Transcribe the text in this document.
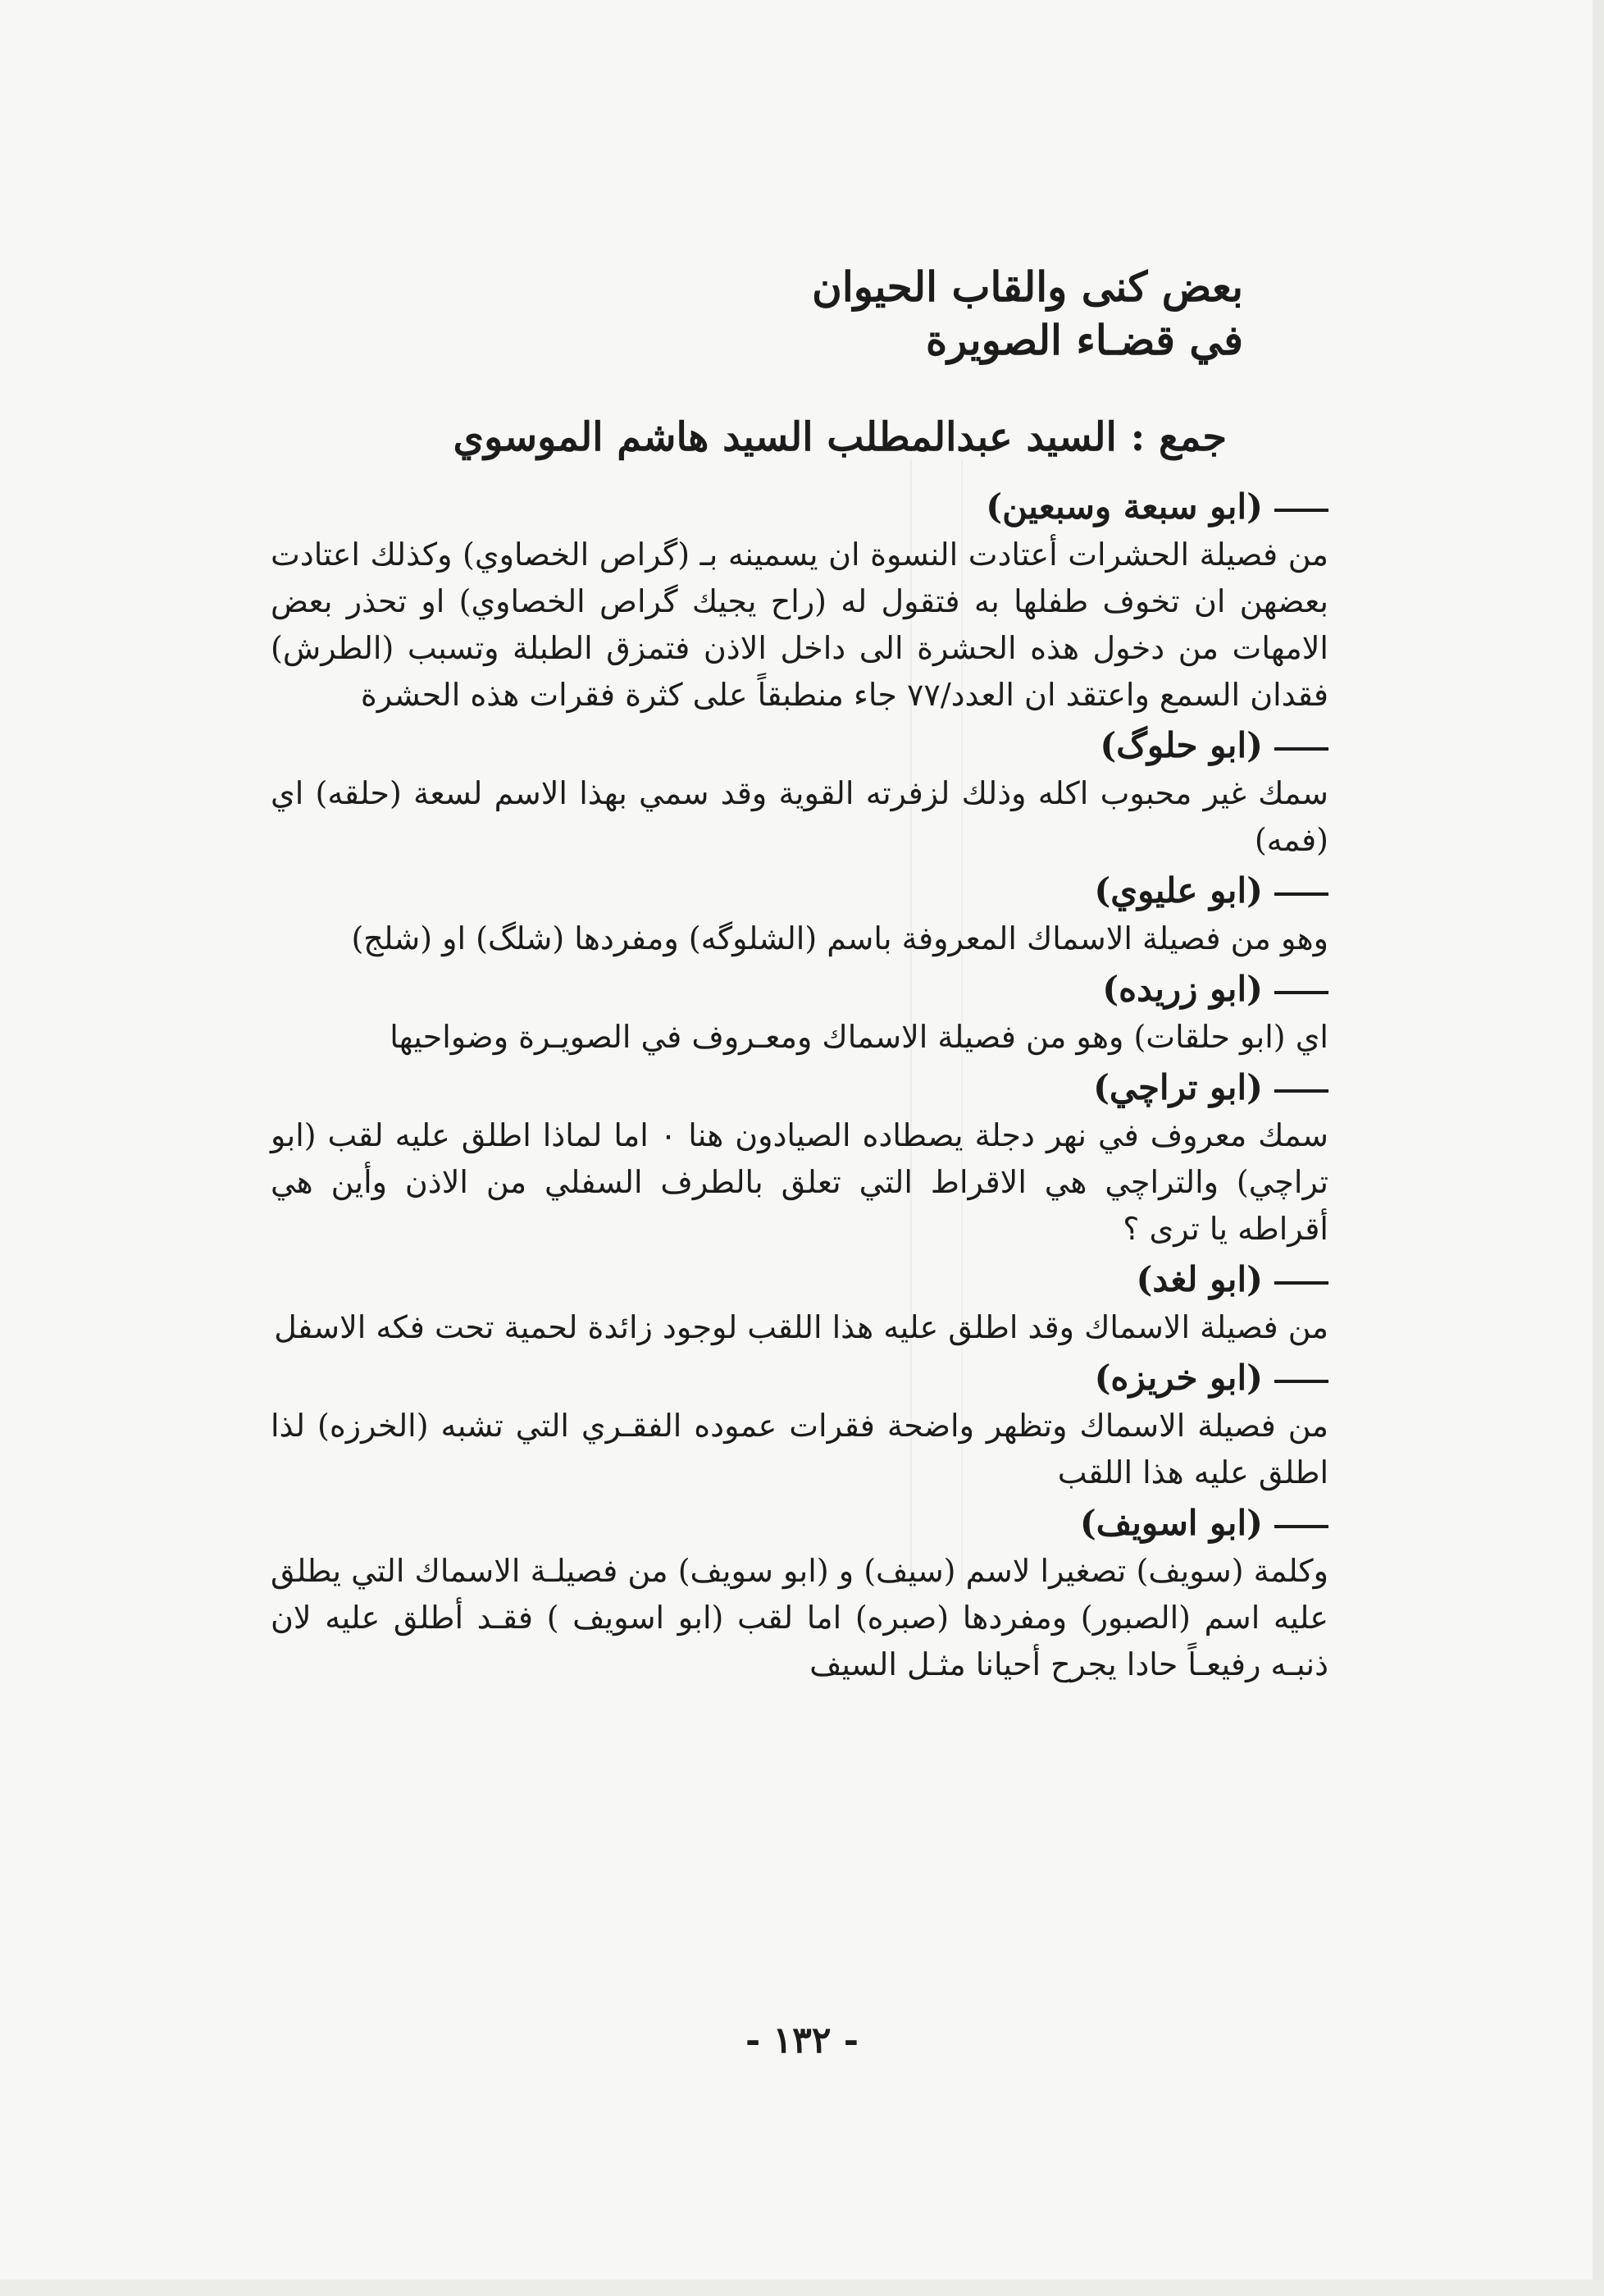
بعض كنى والقاب الحيوان
في قضـاء الصويرة
جمع : السيد عبدالمطلب السيد هاشم الموسوي
(ابو سبعة وسبعين)
من فصيلة الحشرات أعتادت النسوة ان يسمينه بـ (گراص الخصاوي) وكذلك اعتادت بعضهن ان تخوف طفلها به فتقول له (راح يجيك گراص الخصاوي) او تحذر بعض الامهات من دخول هذه الحشرة الى داخل الاذن فتمزق الطبلة وتسبب (الطرش) فقدان السمع واعتقد ان العدد/٧٧ جاء منطبقاً على كثرة فقرات هذه الحشرة
(ابو حلوگ)
سمك غير محبوب اكله وذلك لزفرته القوية وقد سمي بهذا الاسم لسعة (حلقه) اي (فمه)
(ابو عليوي)
وهو من فصيلة الاسماك المعروفة باسم (الشلوگه) ومفردها (شلگ) او (شلج)
(ابو زريده)
اي (ابو حلقات) وهو من فصيلة الاسماك ومعـروف في الصويـرة وضواحيها
(ابو تراچي)
سمك معروف في نهر دجلة يصطاده الصيادون هنا ٠ اما لماذا اطلق عليه لقب (ابو تراچي) والتراچي هي الاقراط التي تعلق بالطرف السفلي من الاذن وأين هي أقراطه يا ترى ؟
(ابو لغد)
من فصيلة الاسماك وقد اطلق عليه هذا اللقب لوجود زائدة لحمية تحت فكه الاسفل
(ابو خريزه)
من فصيلة الاسماك وتظهر واضحة فقرات عموده الفقـري التي تشبه (الخرزه) لذا اطلق عليه هذا اللقب
(ابو اسويف)
وكلمة (سويف) تصغيرا لاسم (سيف) و (ابو سويف) من فصيلـة الاسماك التي يطلق عليه اسم (الصبور) ومفردها (صبره) اما لقب (ابو اسويف ) فقـد أطلق عليه لان ذنبـه رفيعـاً حادا يجرح أحيانا مثـل السيف
- ١٣٢ -
